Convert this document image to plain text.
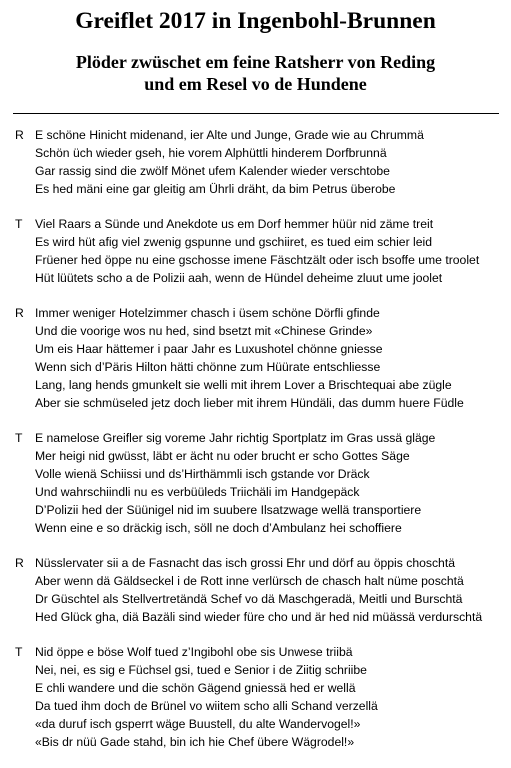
Greiflet 2017 in Ingenbohl-Brunnen
Plöder zwüschet em feine Ratsherr von Reding
und em Resel vo de Hundene
R E schöne Hinicht midenand, ier Alte und Junge, Grade wie au Chrummä
Schön üch wieder gseh, hie vorem Alphüttli hinderem Dorfbrunnä
Gar rassig sind die zwölf Mönet ufem Kalender wieder verschtobe
Es hed mäni eine gar gleitig am Ührli dräht, da bim Petrus überobe
T	Viel Raars a Sünde und Anekdote us em Dorf hemmer hüür nid zäme treit
Es wird hüt afig viel zwenig gspunne und gschiiret, es tued eim schier leid
Früener hed öppe nu eine gschosse imene Fäschtzält oder isch bsoffe ume troolet
Hüt lüütets scho a de Polizii aah, wenn de Hündel deheime zluut ume joolet
R Immer weniger Hotelzimmer chasch i üsem schöne Dörfli gfinde
Und die voorige wos nu hed, sind bsetzt mit «Chinese Grinde»
Um eis Haar hättemer i paar Jahr es Luxushotel chönne gniesse
Wenn sich d’Päris Hilton hätti chönne zum Hüürate entschliesse
Lang, lang hends gmunkelt sie welli mit ihrem Lover a Brischtequai abe zügle
Aber sie schmüseled jetz doch lieber mit ihrem Hündäli, das dumm huere Füdle
T	E namelose Greifler sig voreme Jahr richtig Sportplatz im Gras ussä gläge
Mer heigi nid gwüsst, läbt er ächt nu oder brucht er scho Gottes Säge
Volle wienä Schiissi und ds’Hirthämmli isch gstande vor Dräck
Und wahrschiindli nu es verbüüleds Triichäli im Handgepäck
D’Polizii hed der Süünigel nid im suubere Ilsatzwage wellä transportiere
Wenn eine e so dräckig isch, söll ne doch d’Ambulanz hei schoffiere
R Nüsslervater sii a de Fasnacht das isch grossi Ehr und dörf au öppis choschtä
Aber wenn dä Gäldseckel i de Rott inne verlürsch de chasch halt nüme poschtä
Dr Güschtel als Stellvertretändä Schef vo dä Maschgeradä, Meitli und Burschtä
Hed Glück gha, diä Bazäli sind wieder füre cho und är hed nid müässä verdurschtä
T	Nid öppe e böse Wolf tued z’Ingibohl obe sis Unwese triibä
Nei, nei, es sig e Füchsel gsi, tued e Senior i de Ziitig schriibe
E chli wandere und die schön Gägend gniessä hed er wellä
Da tued ihm doch de Brünel vo wiitem scho alli Schand verzellä
«da duruf isch gsperrt wäge Buustell, du alte Wandervogel!»
«Bis dr nüü Gade stahd, bin ich hie Chef übere Wägrodel!»
